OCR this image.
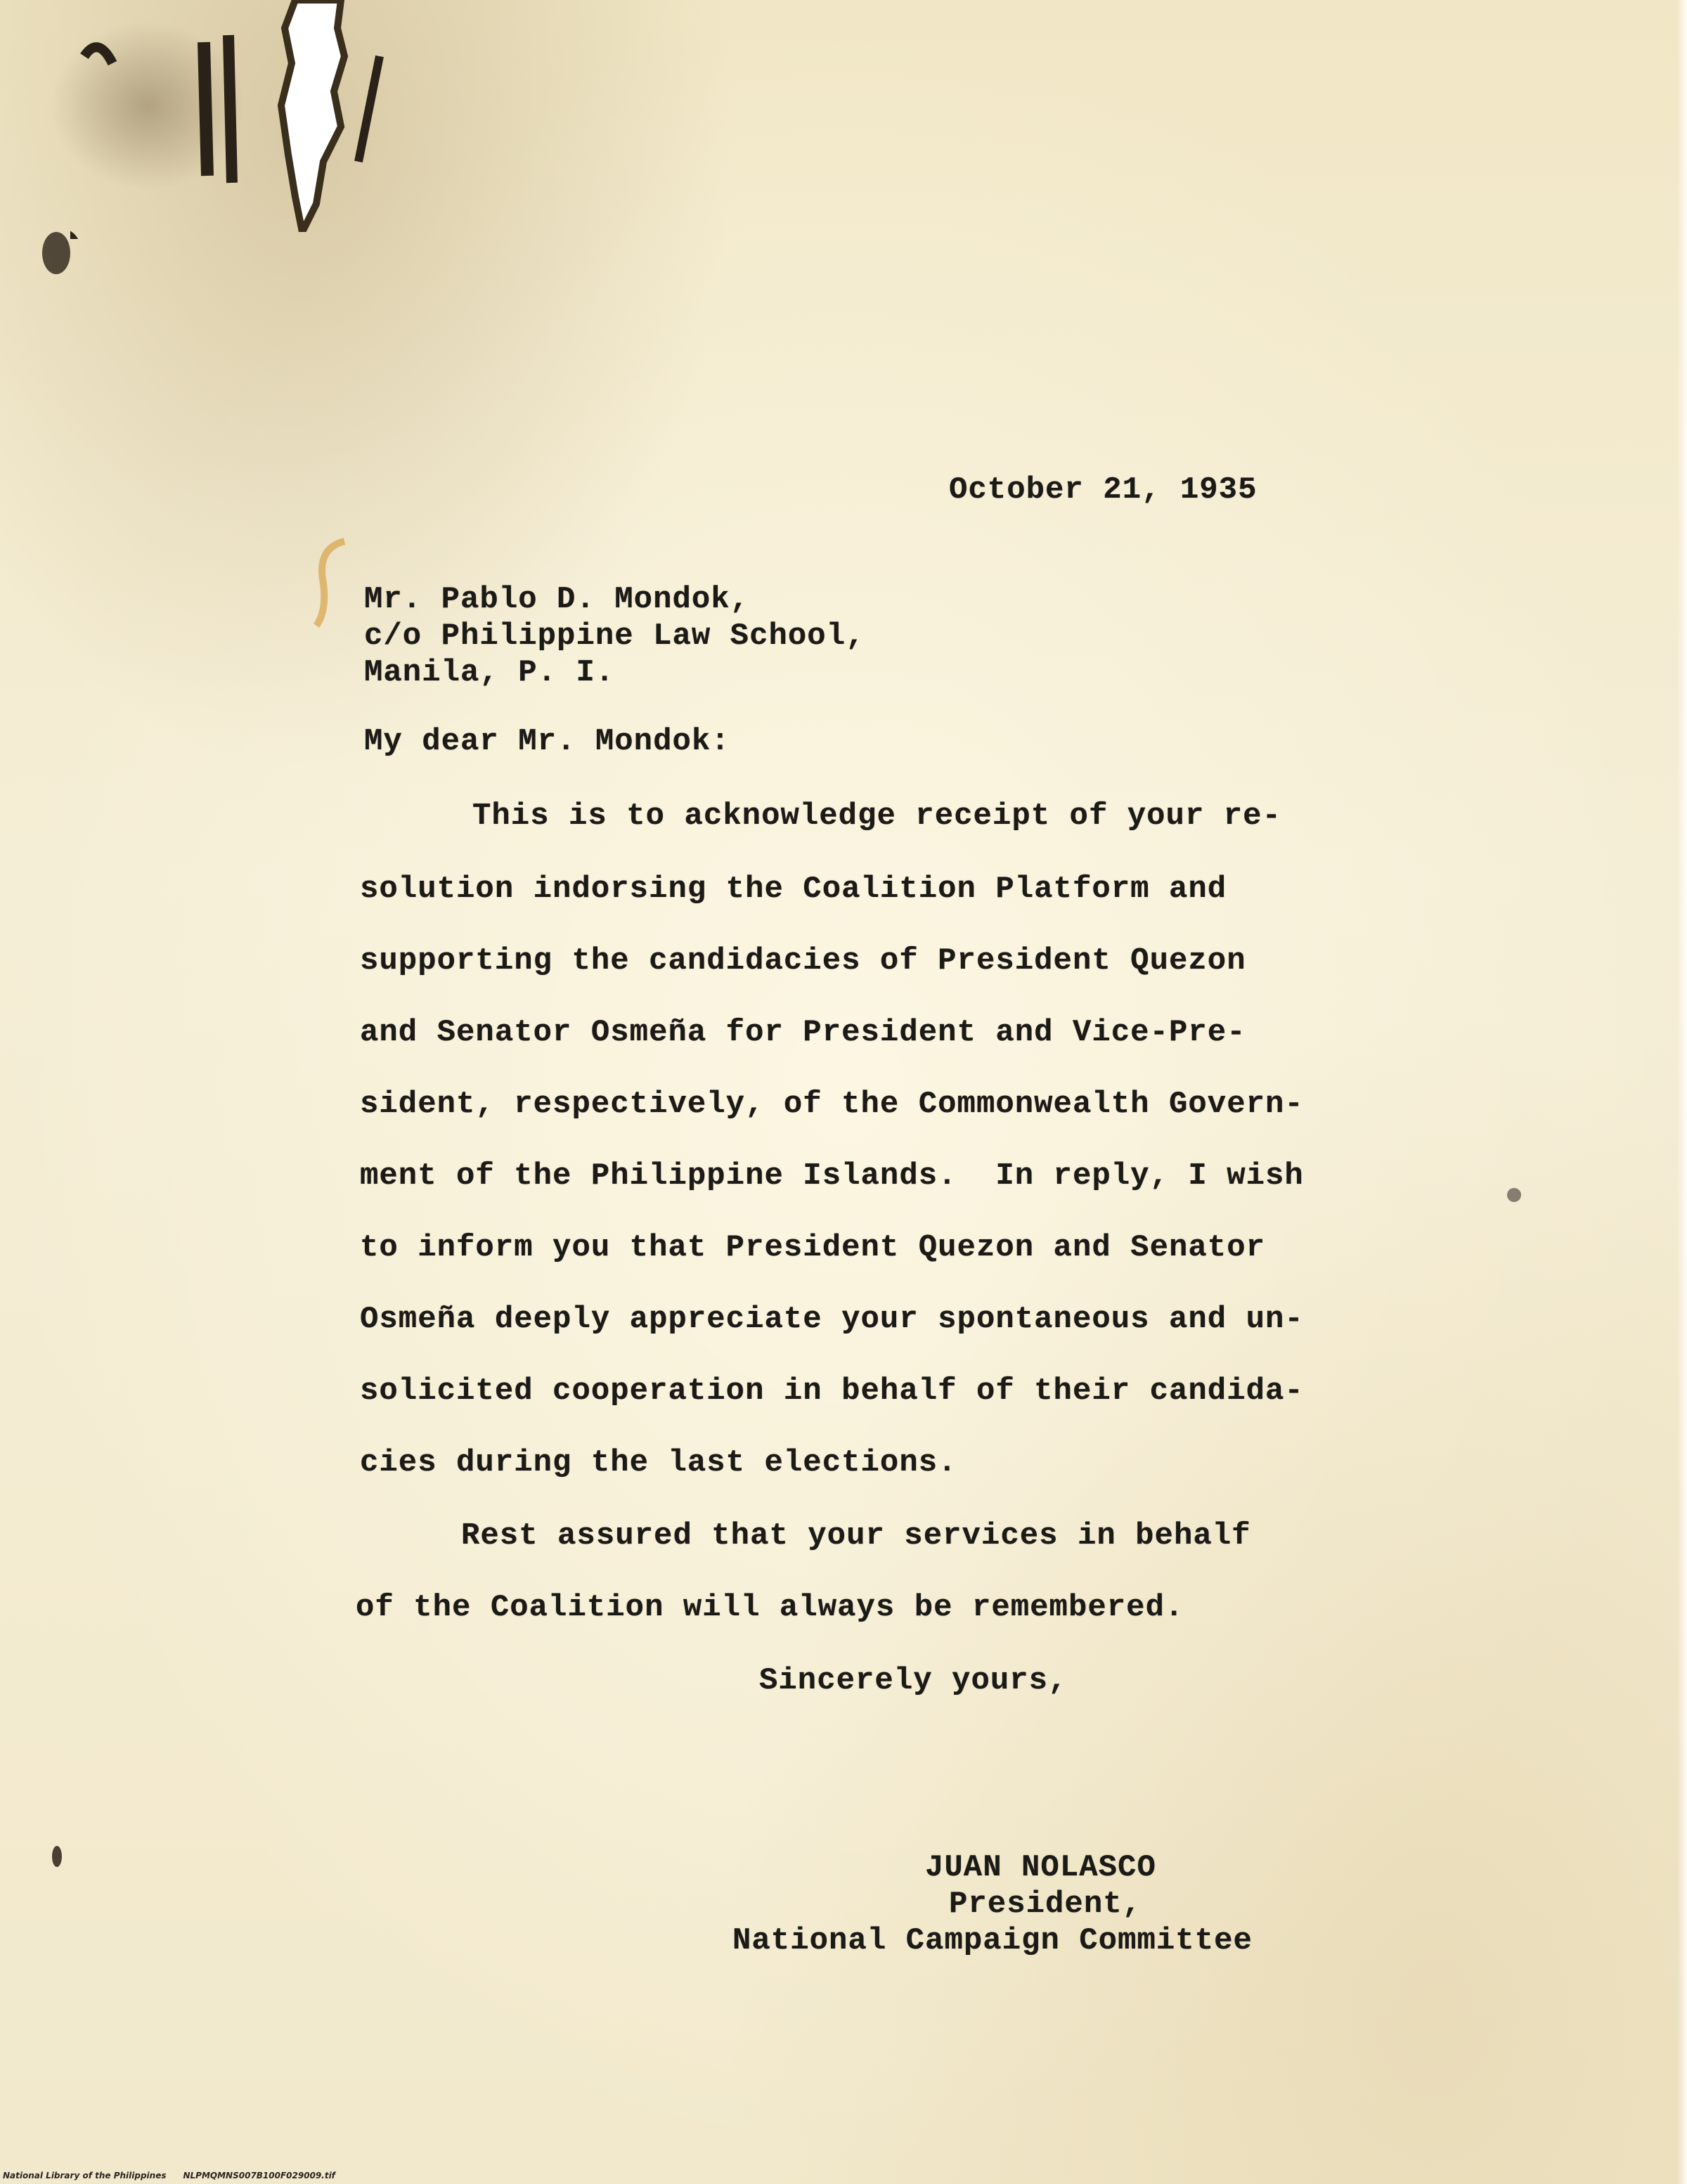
October 21, 1935
Mr. Pablo D. Mondok,
c/o Philippine Law School,
Manila, P. I.
My dear Mr. Mondok:
This is to acknowledge receipt of your re-
solution indorsing the Coalition Platform and
supporting the candidacies of President Quezon
and Senator Osmeña for President and Vice-Pre-
sident, respectively, of the Commonwealth Govern-
ment of the Philippine Islands.  In reply, I wish
to inform you that President Quezon and Senator
Osmeña deeply appreciate your spontaneous and un-
solicited cooperation in behalf of their candida-
cies during the last elections.
Rest assured that your services in behalf
of the Coalition will always be remembered.
Sincerely yours,
JUAN NOLASCO
President,
National Campaign Committee
National Library of the Philippines NLPMQMNS007B100F029009.tif
